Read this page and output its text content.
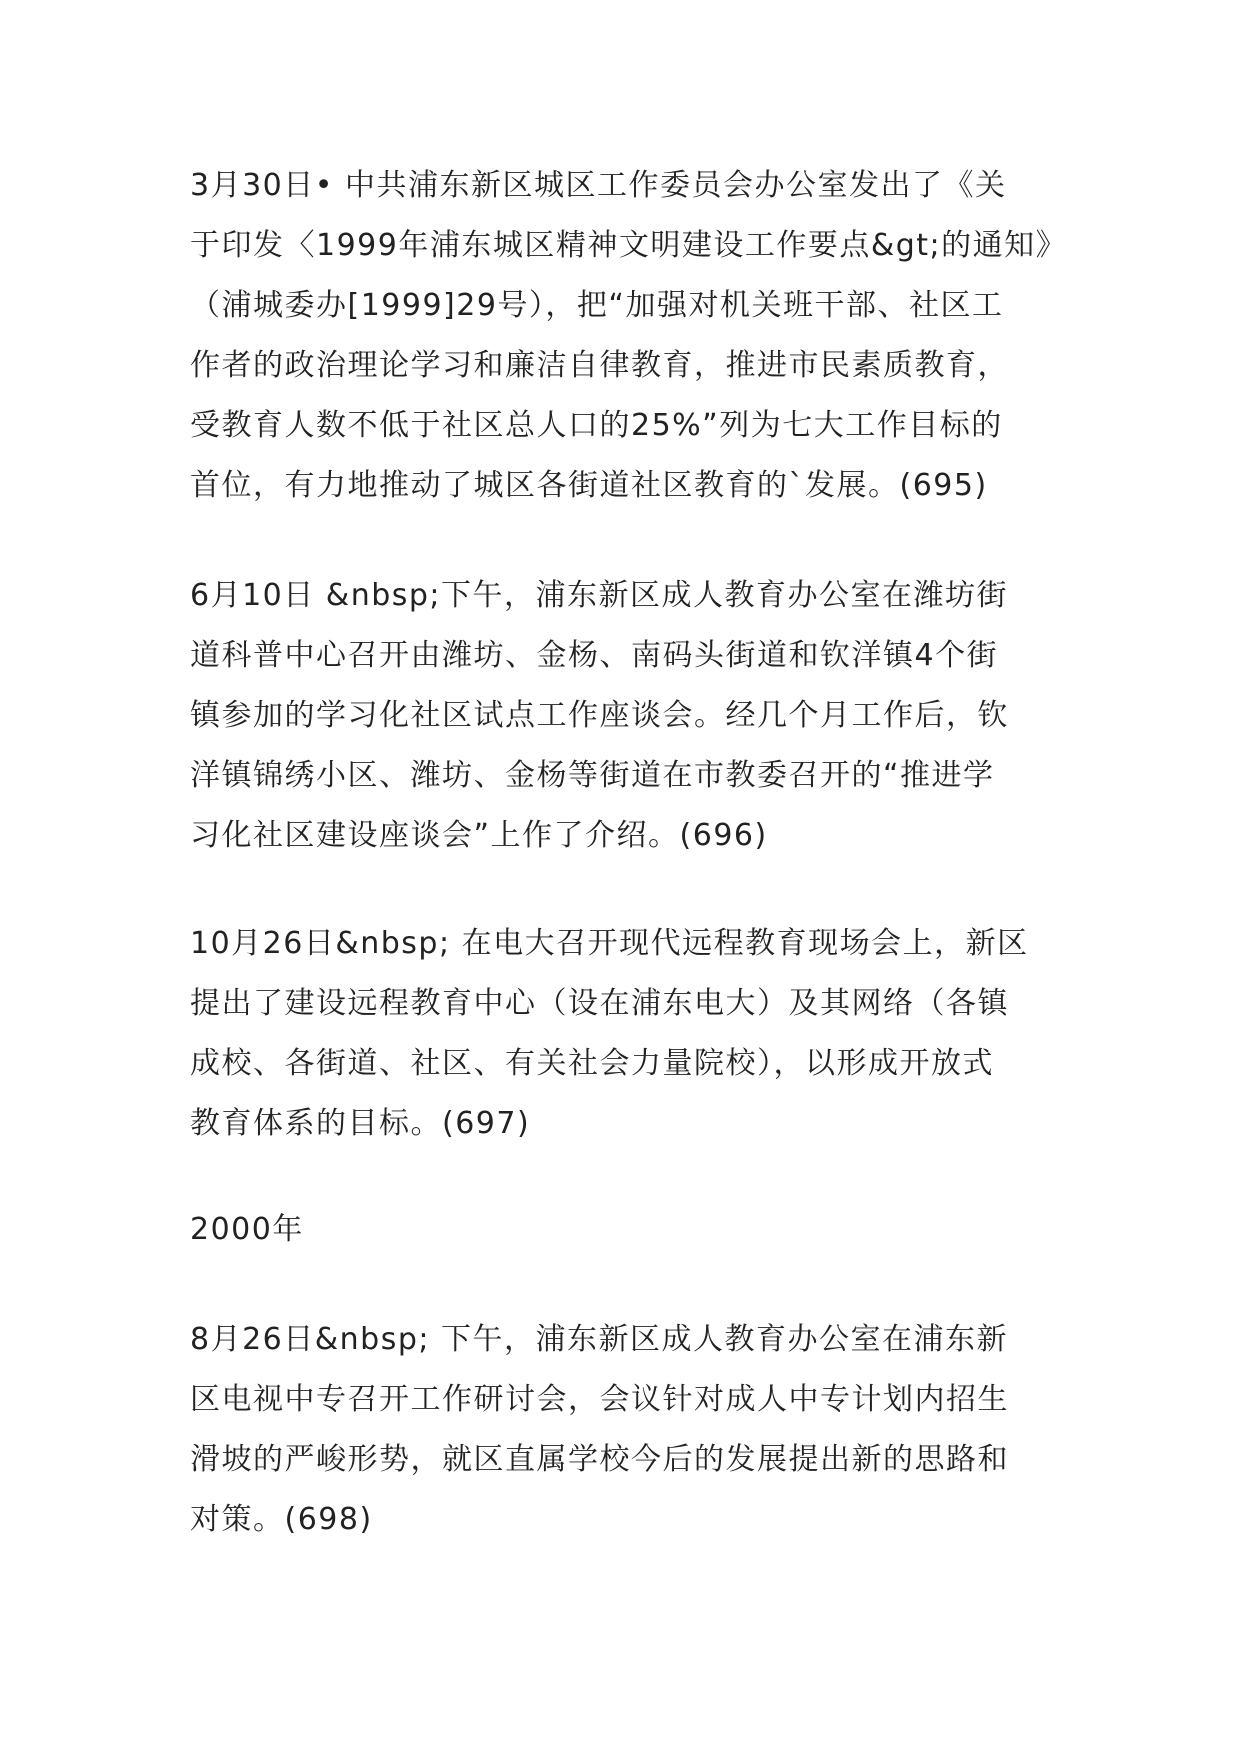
3月30日• 中共浦东新区城区工作委员会办公室发出了《关
于印发〈1999年浦东城区精神文明建设工作要点&gt;的通知》
（浦城委办[1999]29号），把“加强对机关班干部、社区工
作者的政治理论学习和廉洁自律教育，推进市民素质教育，
受教育人数不低于社区总人口的25%”列为七大工作目标的
首位，有力地推动了城区各街道社区教育的`发展。(695)
6月10日 &nbsp;下午，浦东新区成人教育办公室在潍坊街
道科普中心召开由潍坊、金杨、南码头街道和钦洋镇4个街
镇参加的学习化社区试点工作座谈会。经几个月工作后，钦
洋镇锦绣小区、潍坊、金杨等街道在市教委召开的“推进学
习化社区建设座谈会”上作了介绍。(696)
10月26日&nbsp; 在电大召开现代远程教育现场会上，新区
提出了建设远程教育中心（设在浦东电大）及其网络（各镇
成校、各街道、社区、有关社会力量院校），以形成开放式
教育体系的目标。(697)
2000年
8月26日&nbsp; 下午，浦东新区成人教育办公室在浦东新
区电视中专召开工作研讨会，会议针对成人中专计划内招生
滑坡的严峻形势，就区直属学校今后的发展提出新的思路和
对策。(698)
